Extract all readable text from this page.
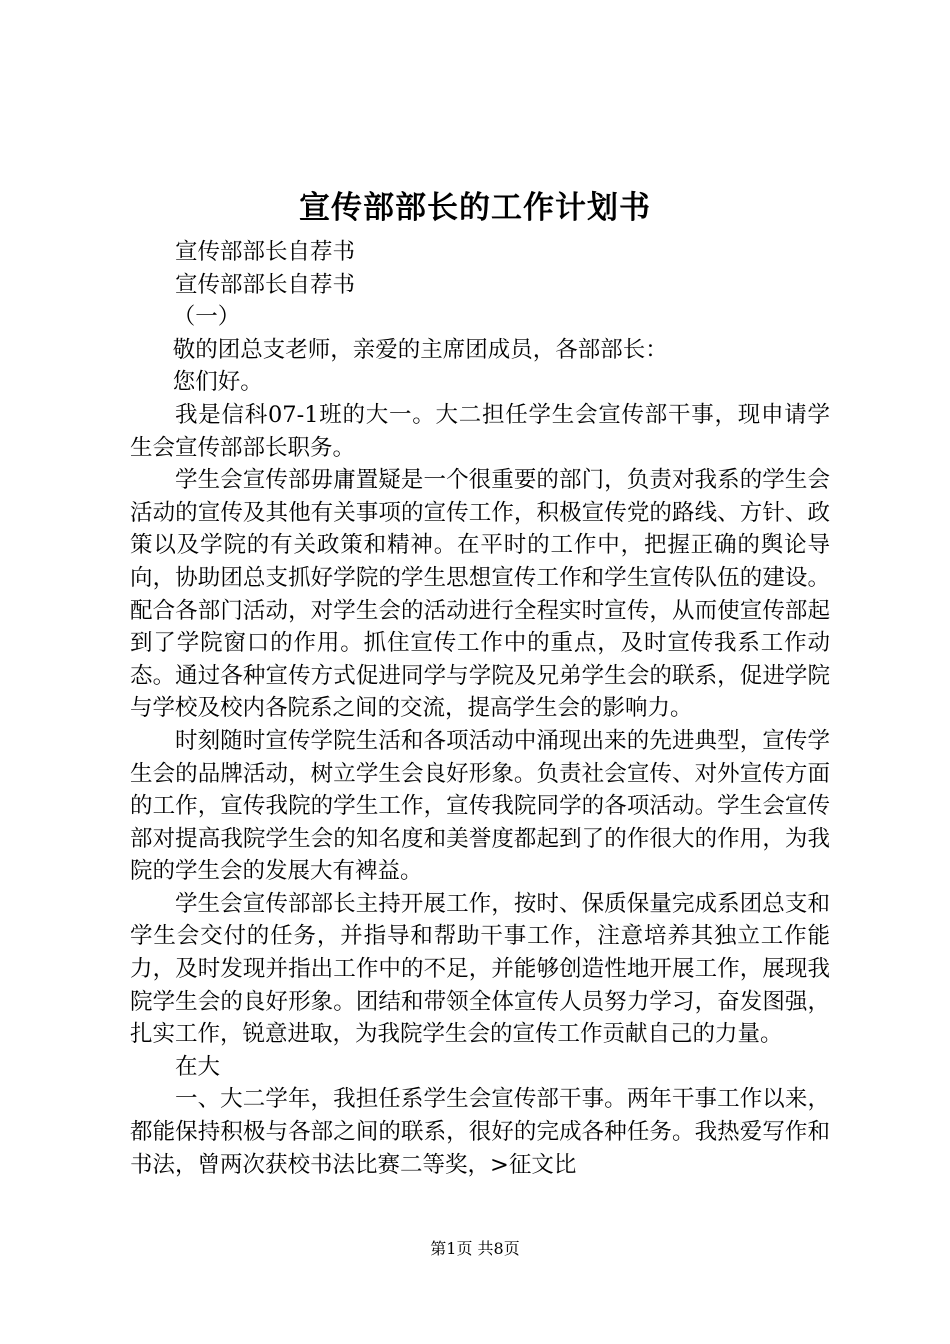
宣传部部长的工作计划书

宣传部部长自荐书

宣传部部长自荐书

（一）

敬的团总支老师，亲爱的主席团成员，各部部长：

您们好。

我是信科07-1班的大一。大二担任学生会宣传部干事，现申请学生会宣传部部长职务。

学生会宣传部毋庸置疑是一个很重要的部门，负责对我系的学生会活动的宣传及其他有关事项的宣传工作，积极宣传党的路线、方针、政策以及学院的有关政策和精神。在平时的工作中，把握正确的舆论导向，协助团总支抓好学院的学生思想宣传工作和学生宣传队伍的建设。配合各部门活动，对学生会的活动进行全程实时宣传，从而使宣传部起到了学院窗口的作用。抓住宣传工作中的重点，及时宣传我系工作动态。通过各种宣传方式促进同学与学院及兄弟学生会的联系，促进学院与学校及校内各院系之间的交流，提高学生会的影响力。

时刻随时宣传学院生活和各项活动中涌现出来的先进典型，宣传学生会的品牌活动，树立学生会良好形象。负责社会宣传、对外宣传方面的工作，宣传我院的学生工作，宣传我院同学的各项活动。学生会宣传部对提高我院学生会的知名度和美誉度都起到了的作很大的作用，为我院的学生会的发展大有裨益。

学生会宣传部部长主持开展工作，按时、保质保量完成系团总支和学生会交付的任务，并指导和帮助干事工作，注意培养其独立工作能力，及时发现并指出工作中的不足，并能够创造性地开展工作，展现我院学生会的良好形象。团结和带领全体宣传人员努力学习，奋发图强，扎实工作，锐意进取，为我院学生会的宣传工作贡献自己的力量。

在大

一、大二学年，我担任系学生会宣传部干事。两年干事工作以来，都能保持积极与各部之间的联系，很好的完成各种任务。我热爱写作和书法，曾两次获校书法比赛二等奖，>征文比

第1页 共8页
